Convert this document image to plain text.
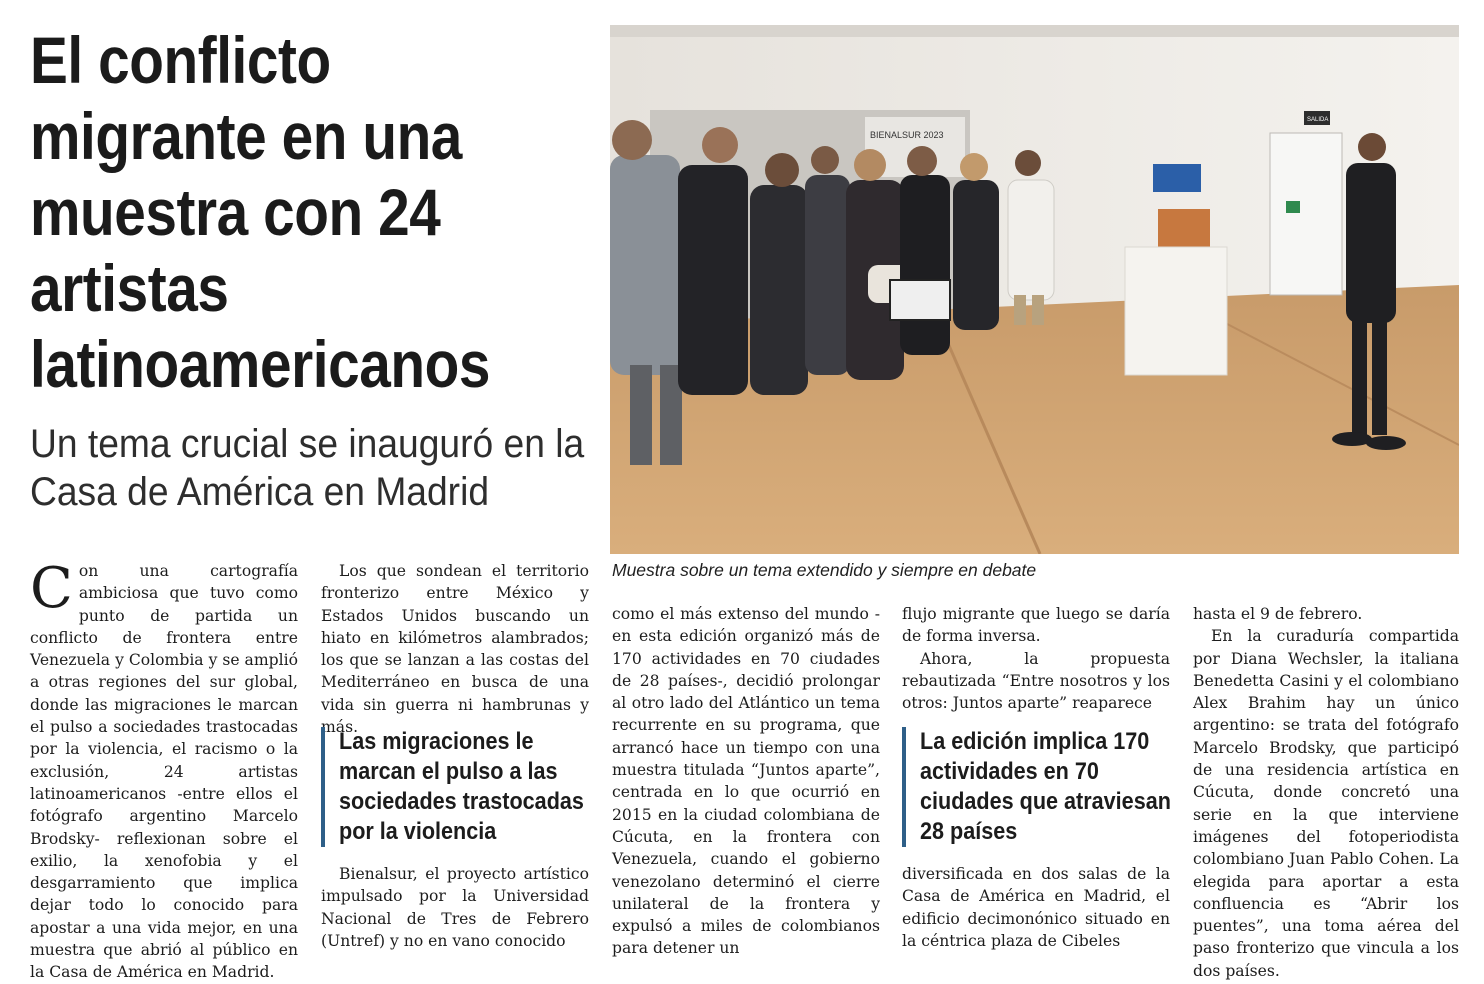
El conflicto migrante en una muestra con 24 artistas latinoamericanos
Un tema crucial se inauguró en la Casa de América en Madrid
BIENALSUR 2023
SALIDA
Muestra sobre un tema extendido y siempre en debate
C on una cartografía ambiciosa que tuvo como punto de partida un conflicto de frontera entre Venezuela y Colombia y se amplió a otras regiones del sur global, donde las migraciones le marcan el pulso a sociedades trastocadas por la violencia, el racismo o la exclusión, 24 artistas latinoamericanos -entre ellos el fotógrafo argentino Marcelo Brodsky- reflexionan sobre el exilio, la xenofobia y el desgarramiento que implica dejar todo lo conocido para apostar a una vida mejor, en una muestra que abrió al público en la Casa de América en Madrid.

Los que sondean el territorio fronterizo entre México y Estados Unidos buscando un hiato en kilómetros alambrados; los que se lanzan a las costas del Mediterráneo en busca de una vida sin guerra ni hambrunas y más.

Las migraciones le marcan el pulso a las sociedades trastocadas por la violencia

Bienalsur, el proyecto artístico impulsado por la Universidad Nacional de Tres de Febrero (Untref) y no en vano conocido

como el más extenso del mundo -en esta edición organizó más de 170 actividades en 70 ciudades de 28 países-, decidió prolongar al otro lado del Atlántico un tema recurrente en su programa, que arrancó hace un tiempo con una muestra titulada “Juntos aparte”, centrada en lo que ocurrió en 2015 en la ciudad colombiana de Cúcuta, en la frontera con Venezuela, cuando el gobierno venezolano determinó el cierre unilateral de la frontera y expulsó a miles de colombianos para detener un

flujo migrante que luego se daría de forma inversa.

Ahora, la propuesta rebautizada “Entre nosotros y los otros: Juntos aparte” reaparece

La edición implica 170 actividades en 70 ciudades que atraviesan 28 países

diversificada en dos salas de la Casa de América en Madrid, el edificio decimonónico situado en la céntrica plaza de Cibeles

hasta el 9 de febrero.

En la curaduría compartida por Diana Wechsler, la italiana Benedetta Casini y el colombiano Alex Brahim hay un único argentino: se trata del fotógrafo Marcelo Brodsky, que participó de una residencia artística en Cúcuta, donde concretó una serie en la que interviene imágenes del fotoperiodista colombiano Juan Pablo Cohen. La elegida para aportar a esta confluencia es “Abrir los puentes”, una toma aérea del paso fronterizo que vincula a los dos países.
